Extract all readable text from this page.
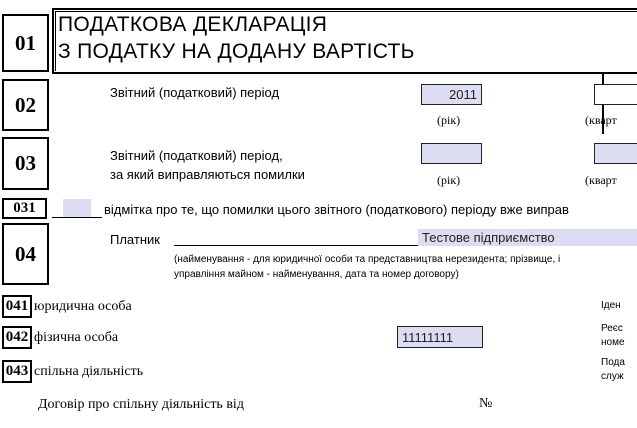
01
ПОДАТКОВА ДЕКЛАРАЦІЯ
З ПОДАТКУ НА ДОДАНУ ВАРТІСТЬ
02	Звітний (податковий) період	2011
(рік)	(кварт
03	Звітний (податковий) період,
за який виправляються помилки	(рік)	(кварт
031	відмітка про те, що помилки цього звітного (податкового) періоду вже виправ
04
Платник	Тестове підприємство
(найменування - для юридичної особи та представництва нерезидента; прізвище, і
управління майном - найменування, дата та номер договору)
041 юридична особа	Іден
042 фізична особа	11111111
Реєс
номе
043 спільна діяльність
Пода
служ
Договір про спільну діяльність від	№
